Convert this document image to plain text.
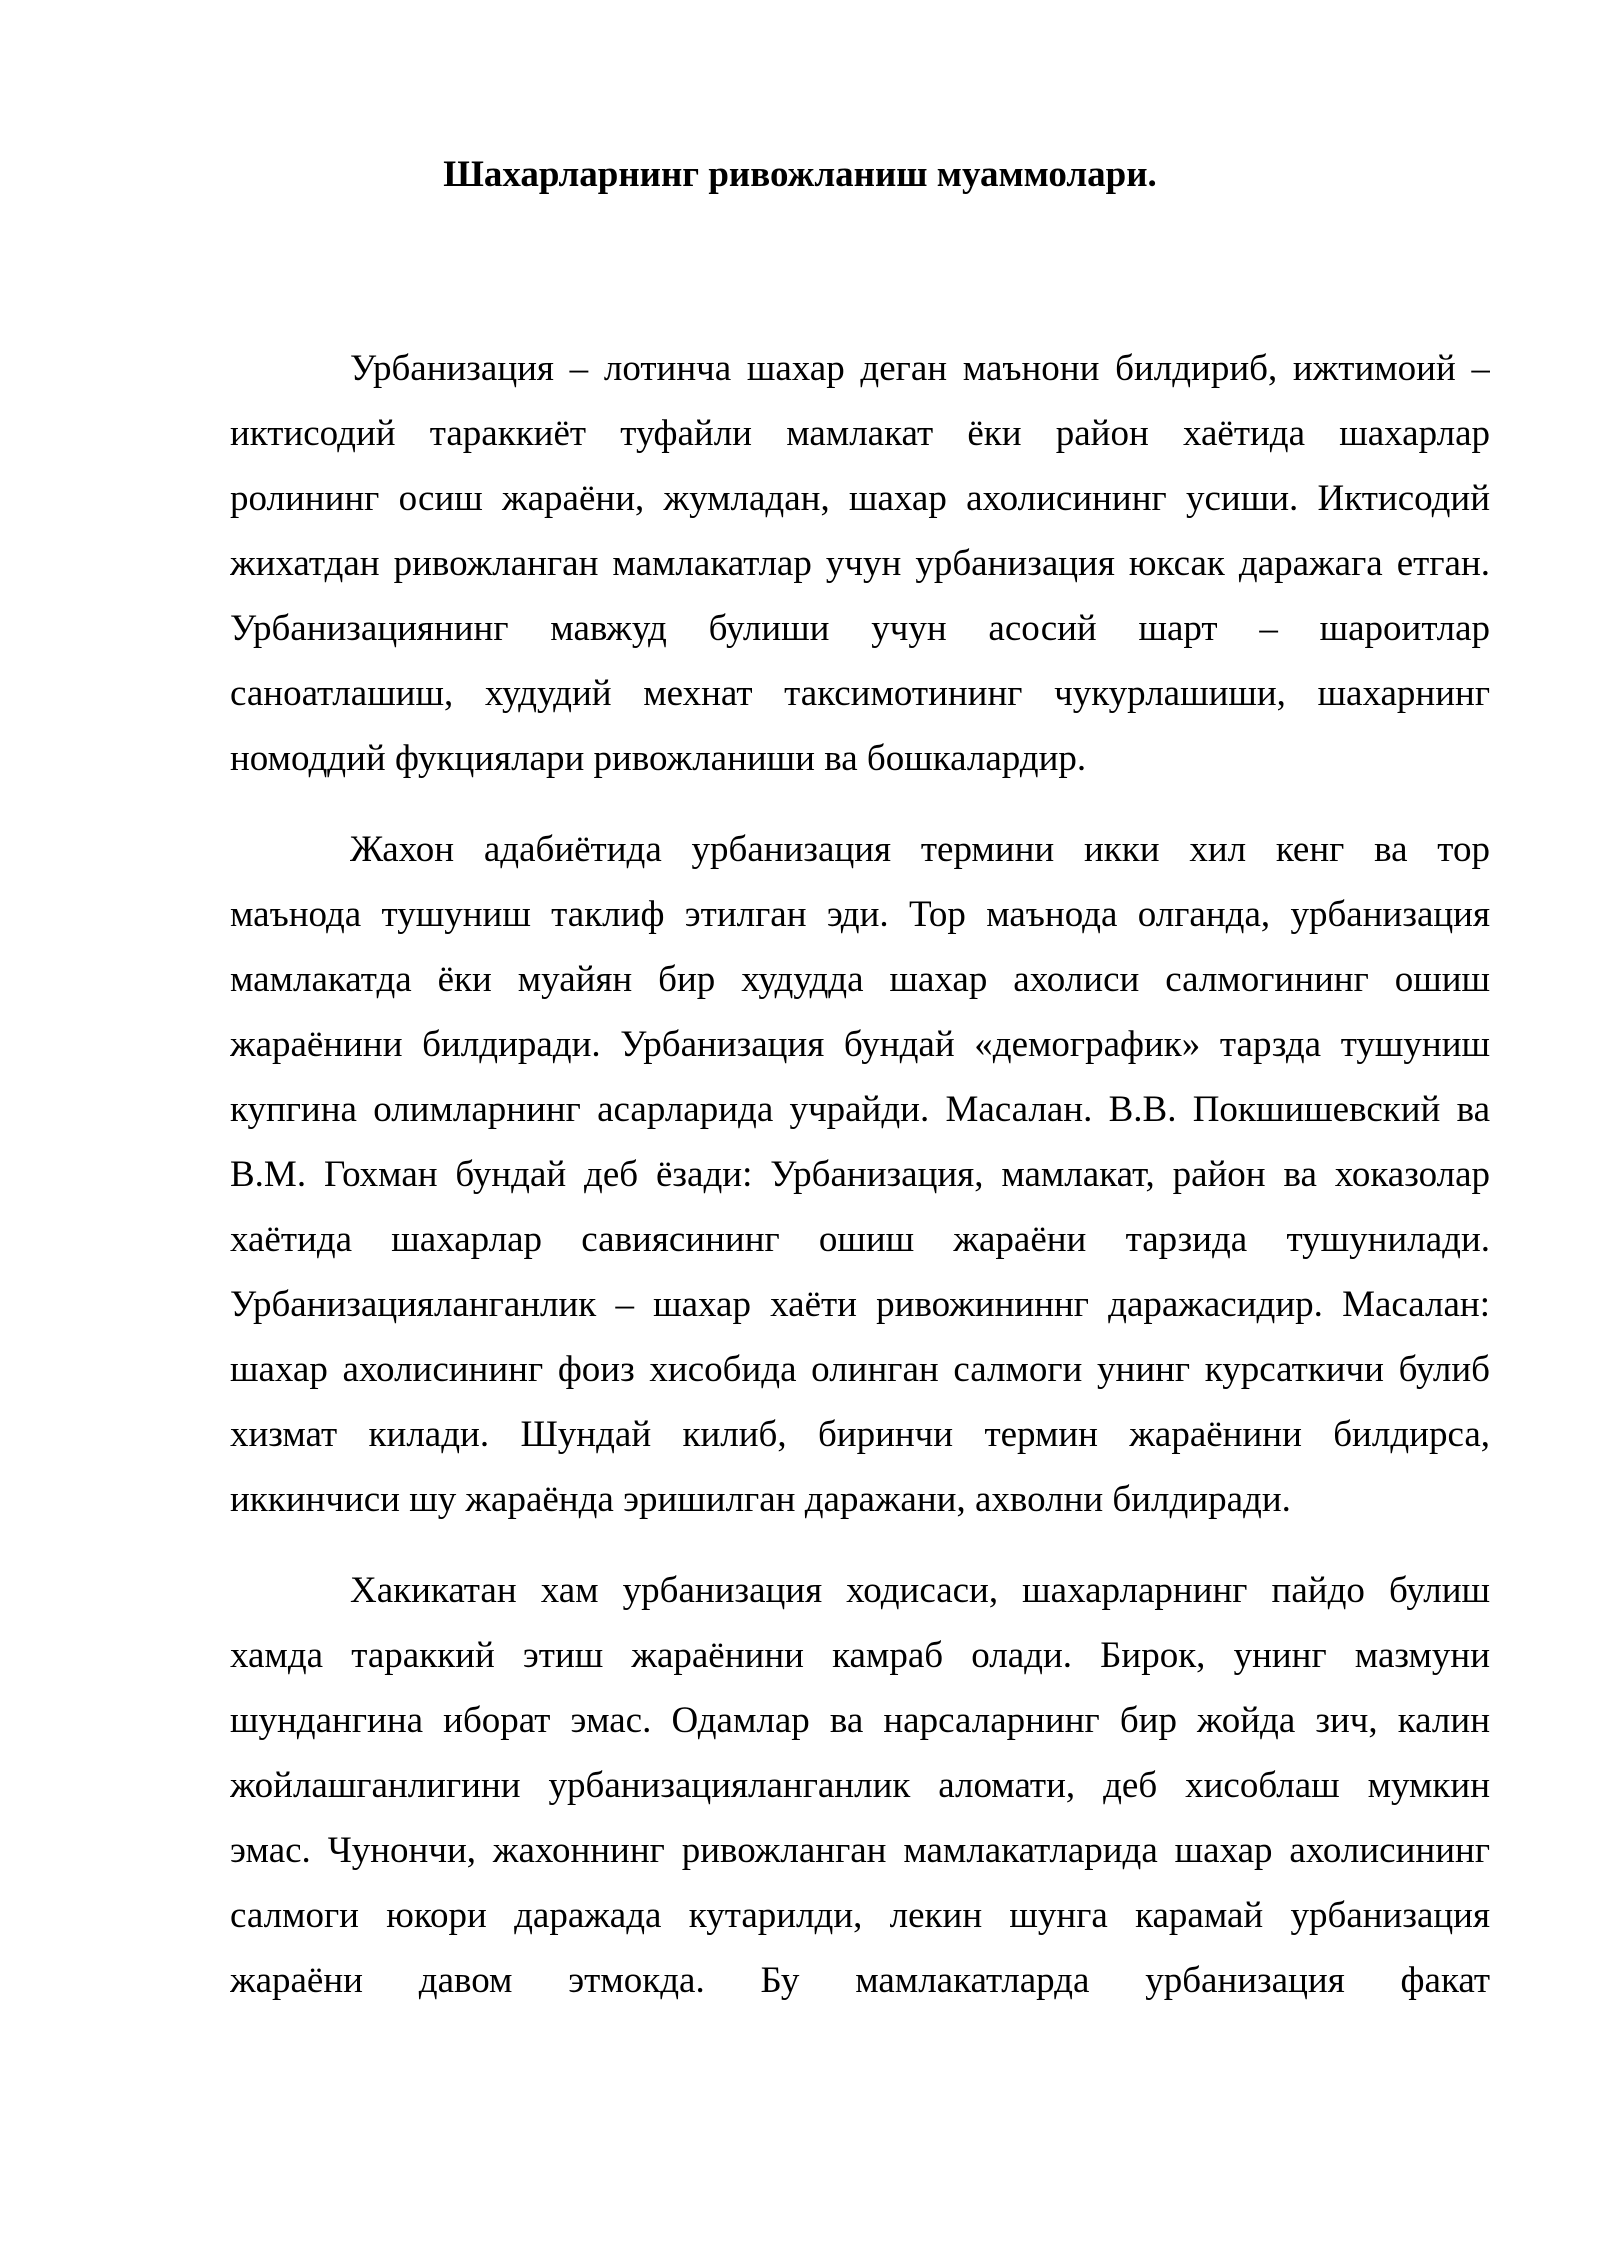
Шахарларнинг ривожланиш муаммолари.
Урбанизация – лотинча шахар деган маънони билдириб, ижтимоий –
иктисодий тараккиёт туфайли мамлакат ёки район хаётида шахарлар
ролининг осиш жараёни, жумладан, шахар ахолисининг усиши. Иктисодий
жихатдан ривожланган мамлакатлар учун урбанизация юксак даражага етган.
Урбанизациянинг мавжуд булиши учун асосий шарт – шароитлар
саноатлашиш, худудий мехнат таксимотининг чукурлашиши, шахарнинг
номоддий фукциялари ривожланиши ва бошкалардир.
Жахон адабиётида урбанизация термини икки хил кенг ва тор
маънода тушуниш таклиф этилган эди. Тор маънода олганда, урбанизация
мамлакатда ёки муайян бир худудда шахар ахолиси салмогининг ошиш
жараёнини билдиради. Урбанизация бундай «демографик» тарзда тушуниш
купгина олимларнинг асарларида учрайди. Масалан. В.В. Покшишевский ва
В.М. Гохман бундай деб ёзади: Урбанизация, мамлакат, район ва хоказолар
хаётида шахарлар савиясининг ошиш жараёни тарзида тушунилади.
Урбанизацияланганлик – шахар хаёти ривожининнг даражасидир. Масалан:
шахар ахолисининг фоиз хисобида олинган салмоги унинг курсаткичи булиб
хизмат килади. Шундай килиб, биринчи термин жараёнини билдирса,
иккинчиси шу жараёнда эришилган даражани, ахволни билдиради.
Хакикатан хам урбанизация ходисаси, шахарларнинг пайдо булиш
хамда тараккий этиш жараёнини камраб олади. Бирок, унинг мазмуни
шундангина иборат эмас. Одамлар ва нарсаларнинг бир жойда зич, калин
жойлашганлигини урбанизацияланганлик аломати, деб хисоблаш мумкин
эмас. Чунончи, жахоннинг ривожланган мамлакатларида шахар ахолисининг
салмоги юкори даражада кутарилди, лекин шунга карамай урбанизация
жараёни давом этмокда. Бу мамлакатларда урбанизация факат
